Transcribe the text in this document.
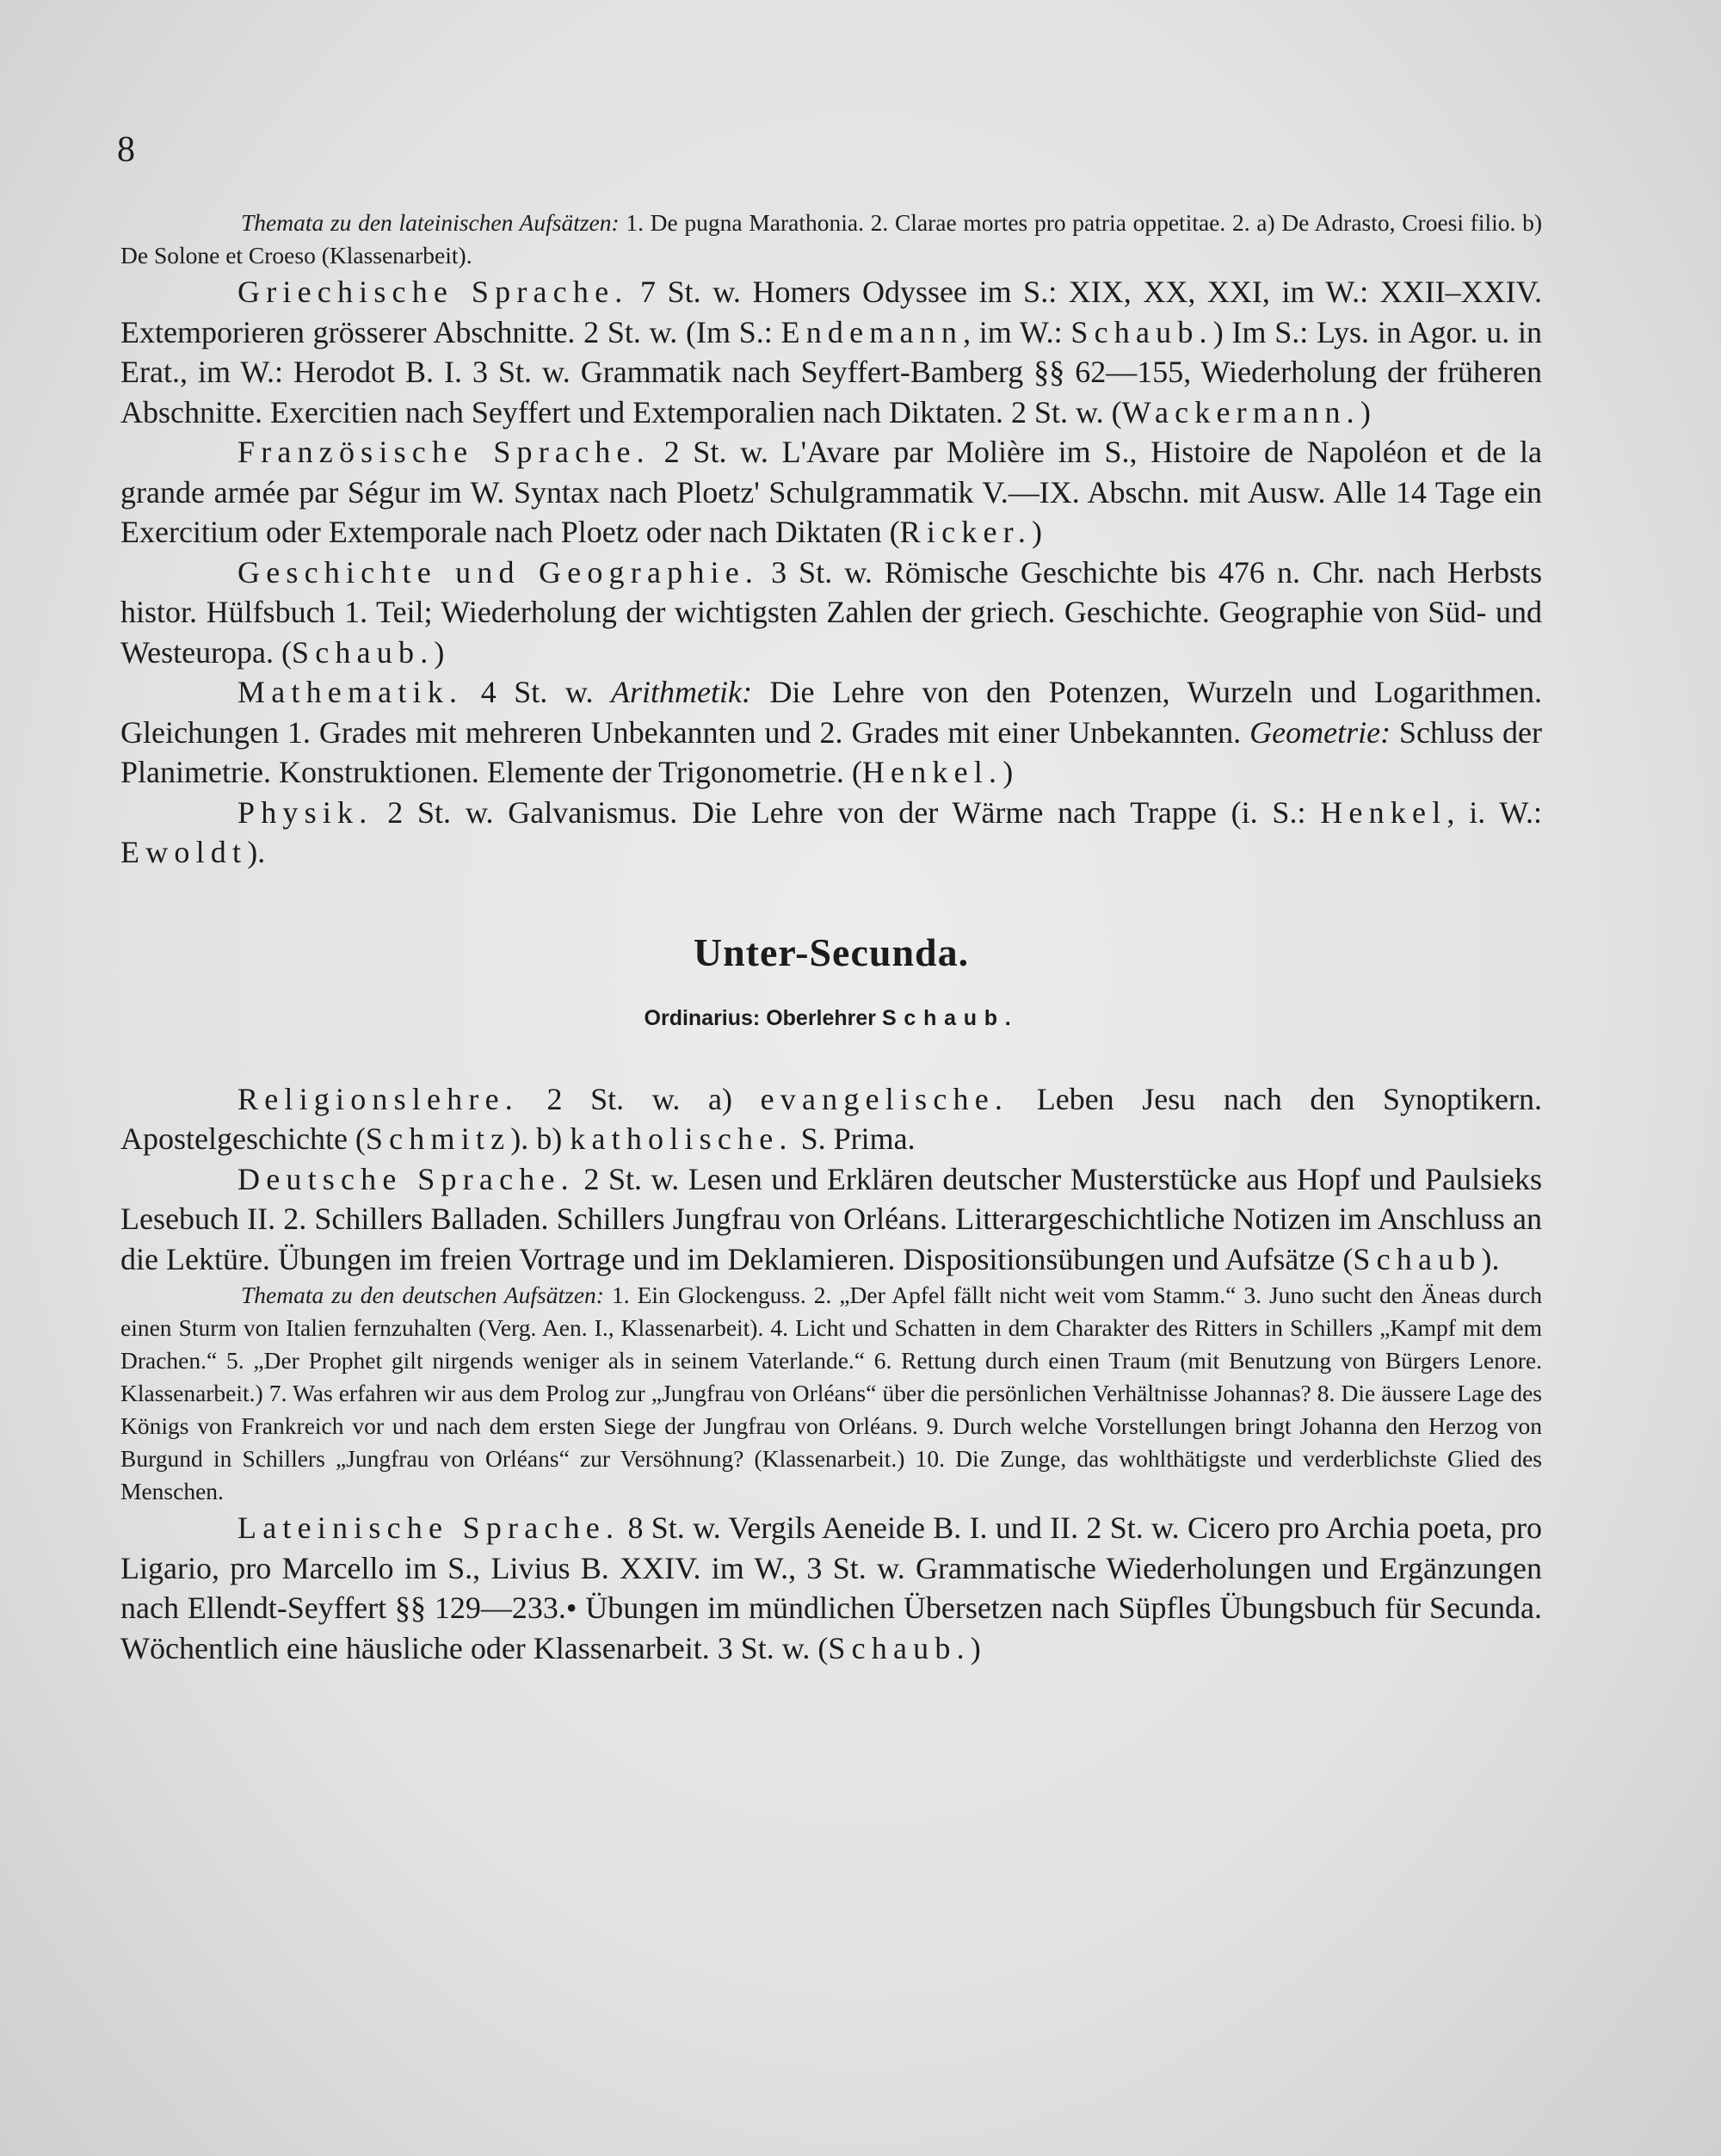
8

Themata zu den lateinischen Aufsätzen: 1. De pugna Marathonia. 2. Clarae mortes pro patria oppetitae. 2. a) De Adrasto, Croesi filio. b) De Solone et Croeso (Klassenarbeit).

Griechische Sprache. 7 St. w. Homers Odyssee im S.: XIX, XX, XXI, im W.: XXII–XXIV. Extemporieren grösserer Abschnitte. 2 St. w. (Im S.: Endemann, im W.: Schaub.) Im S.: Lys. in Agor. u. in Erat., im W.: Herodot B. I. 3 St. w. Grammatik nach Seyffert-Bamberg §§ 62—155, Wiederholung der früheren Abschnitte. Exercitien nach Seyffert und Extemporalien nach Diktaten. 2 St. w. (Wackermann.)

Französische Sprache. 2 St. w. L'Avare par Molière im S., Histoire de Napoléon et de la grande armée par Ségur im W. Syntax nach Ploetz' Schulgrammatik V.—IX. Abschn. mit Ausw. Alle 14 Tage ein Exercitium oder Extemporale nach Ploetz oder nach Diktaten (Ricker.)

Geschichte und Geographie. 3 St. w. Römische Geschichte bis 476 n. Chr. nach Herbsts histor. Hülfsbuch 1. Teil; Wiederholung der wichtigsten Zahlen der griech. Geschichte. Geographie von Süd- und Westeuropa. (Schaub.)

Mathematik. 4 St. w. Arithmetik: Die Lehre von den Potenzen, Wurzeln und Logarithmen. Gleichungen 1. Grades mit mehreren Unbekannten und 2. Grades mit einer Unbekannten. Geometrie: Schluss der Planimetrie. Konstruktionen. Elemente der Trigonometrie. (Henkel.)

Physik. 2 St. w. Galvanismus. Die Lehre von der Wärme nach Trappe (i. S.: Henkel, i. W.: Ewoldt).

Unter-Secunda.
Ordinarius: Oberlehrer Schaub.

Religionslehre. 2 St. w. a) evangelische. Leben Jesu nach den Synoptikern. Apostelgeschichte (Schmitz). b) katholische. S. Prima.

Deutsche Sprache. 2 St. w. Lesen und Erklären deutscher Musterstücke aus Hopf und Paulsieks Lesebuch II. 2. Schillers Balladen. Schillers Jungfrau von Orléans. Litterargeschichtliche Notizen im Anschluss an die Lektüre. Übungen im freien Vortrage und im Deklamieren. Dispositionsübungen und Aufsätze (Schaub).

Themata zu den deutschen Aufsätzen: 1. Ein Glockenguss. 2. „Der Apfel fällt nicht weit vom Stamm.“ 3. Juno sucht den Äneas durch einen Sturm von Italien fernzuhalten (Verg. Aen. I., Klassenarbeit). 4. Licht und Schatten in dem Charakter des Ritters in Schillers „Kampf mit dem Drachen.“ 5. „Der Prophet gilt nirgends weniger als in seinem Vaterlande.“ 6. Rettung durch einen Traum (mit Benutzung von Bürgers Lenore. Klassenarbeit.) 7. Was erfahren wir aus dem Prolog zur „Jungfrau von Orléans“ über die persönlichen Verhältnisse Johannas? 8. Die äussere Lage des Königs von Frankreich vor und nach dem ersten Siege der Jungfrau von Orléans. 9. Durch welche Vorstellungen bringt Johanna den Herzog von Burgund in Schillers „Jungfrau von Orléans“ zur Versöhnung? (Klassenarbeit.) 10. Die Zunge, das wohlthätigste und verderblichste Glied des Menschen.

Lateinische Sprache. 8 St. w. Vergils Aeneide B. I. und II. 2 St. w. Cicero pro Archia poeta, pro Ligario, pro Marcello im S., Livius B. XXIV. im W., 3 St. w. Grammatische Wiederholungen und Ergänzungen nach Ellendt-Seyffert §§ 129—233.• Übungen im mündlichen Übersetzen nach Süpfles Übungsbuch für Secunda. Wöchentlich eine häusliche oder Klassenarbeit. 3 St. w. (Schaub.)
